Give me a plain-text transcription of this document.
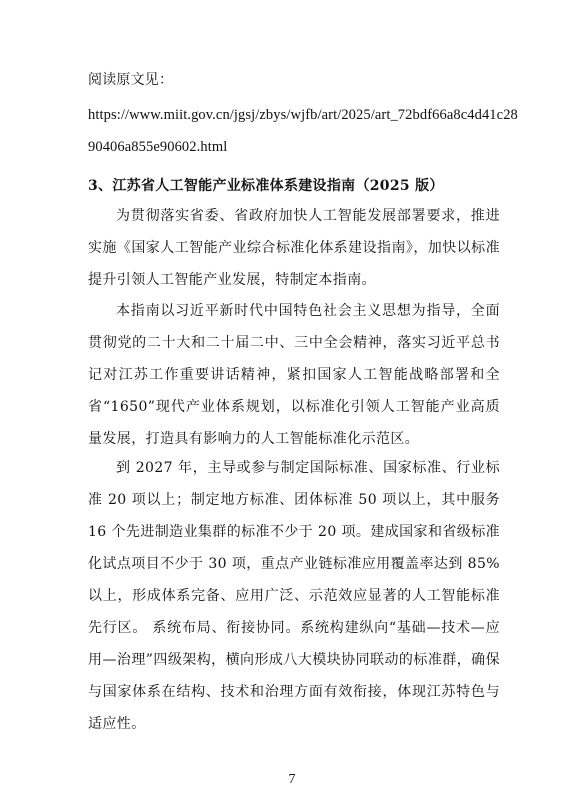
阅读原文见：
https://www.miit.gov.cn/jgsj/zbys/wjfb/art/2025/art_72bdf66a8c4d41c28
90406a855e90602.html
3、江苏省人工智能产业标准体系建设指南（2025 版）
为贯彻落实省委、省政府加快人工智能发展部署要求，推进实施《国家人工智能产业综合标准化体系建设指南》，加快以标准提升引领人工智能产业发展，特制定本指南。
本指南以习近平新时代中国特色社会主义思想为指导，全面贯彻党的二十大和二十届二中、三中全会精神，落实习近平总书记对江苏工作重要讲话精神，紧扣国家人工智能战略部署和全省“1650”现代产业体系规划，以标准化引领人工智能产业高质量发展，打造具有影响力的人工智能标准化示范区。
到 2027 年，主导或参与制定国际标准、国家标准、行业标准 20 项以上；制定地方标准、团体标准 50 项以上，其中服务 16 个先进制造业集群的标准不少于 20 项。建成国家和省级标准化试点项目不少于 30 项，重点产业链标准应用覆盖率达到 85%以上，形成体系完备、应用广泛、示范效应显著的人工智能标准先行区。 系统布局、衔接协同。系统构建纵向“基础—技术—应用—治理”四级架构，横向形成八大模块协同联动的标准群，确保与国家体系在结构、技术和治理方面有效衔接，体现江苏特色与适应性。
7
